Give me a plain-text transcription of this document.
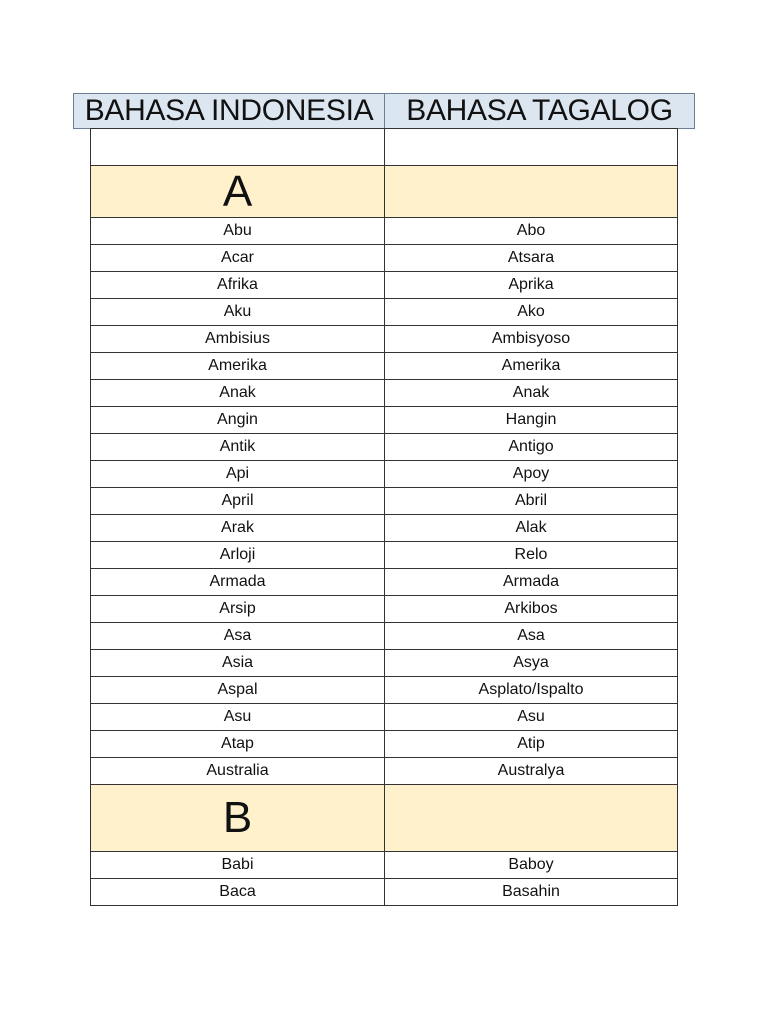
BAHASA INDONESIA	BAHASA TAGALOG

A	
Abu	Abo
Acar	Atsara
Afrika	Aprika
Aku	Ako
Ambisius	Ambisyoso
Amerika	Amerika
Anak	Anak
Angin	Hangin
Antik	Antigo
Api	Apoy
April	Abril
Arak	Alak
Arloji	Relo
Armada	Armada
Arsip	Arkibos
Asa	Asa
Asia	Asya
Aspal	Asplato/Ispalto
Asu	Asu
Atap	Atip
Australia	Australya
B	
Babi	Baboy
Baca	Basahin
